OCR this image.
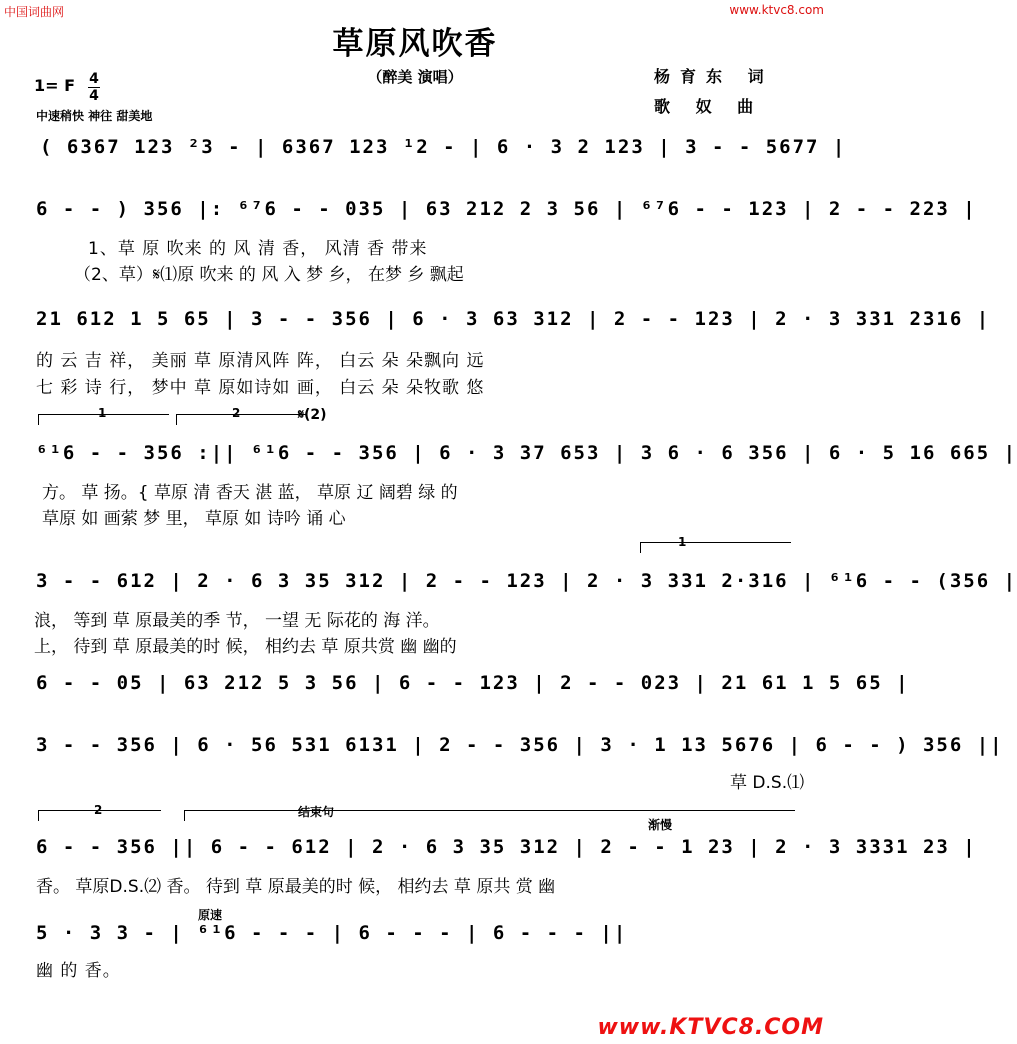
中国词曲网	www.ktvc8.com
草原风吹香
（醉美 演唱）	杨育东 词
歌 奴 曲
1= F 4
4
中速稍快 神往 甜美地
( 6367 123 ²3 - | 6367 123 ¹2 - | 6 · 3 2 123 | 3 - - 5677 |
6 - - ) 356 |: ⁶⁷6 - - 035 | 63 212 2 3 56 | ⁶⁷6 - - 123 | 2 - - 223 |
1、草 原 吹来 的 风 清 香， 风清 香 带来
（2、草）𝄋⑴原 吹来 的 风 入 梦 乡， 在梦 乡 飘起
21 612 1 5 65 | 3 - - 356 | 6 · 3 63 312 | 2 - - 123 | 2 · 3 331 2316 |
的 云 吉 祥， 美丽 草 原清风阵 阵， 白云 朵 朵飘向 远
七 彩 诗 行， 梦中 草 原如诗如 画， 白云 朵 朵牧歌 悠
1	2	𝄋(2)
⁶¹6 - - 356 :|| ⁶¹6 - - 356 | 6 · 3 37 653 | 3 6 · 6 356 | 6 · 5 16 665 |
方。 草 扬。{ 草原 清 香天 湛 蓝， 草原 辽 阔碧 绿 的
草原 如 画萦 梦 里， 草原 如 诗吟 诵 心
1
3 - - 612 | 2 · 6 3 35 312 | 2 - - 123 | 2 · 3 331 2·316 | ⁶¹6 - - (356 |
浪， 等到 草 原最美的季 节， 一望 无 际花的 海 洋。
上， 待到 草 原最美的时 候， 相约去 草 原共赏 幽 幽的
6 - - 05 | 63 212 5 3 56 | 6 - - 123 | 2 - - 023 | 21 61 1 5 65 |
3 - - 356 | 6 · 56 531 6131 | 2 - - 356 | 3 · 1 13 5676 | 6 - - ) 356 ||
草 D.S.⑴
2	结束句
渐慢
6 - - 356 || 6 - - 612 | 2 · 6 3 35 312 | 2 - - 1 23 | 2 · 3 3331 23 |
香。 草原D.S.⑵ 香。 待到 草 原最美的时 候， 相约去 草 原共 赏 幽
原速
5 · 3 3 - | ⁶¹6 - - - | 6 - - - | 6 - - - ||
幽 的 香。
www.KTVC8.COM
